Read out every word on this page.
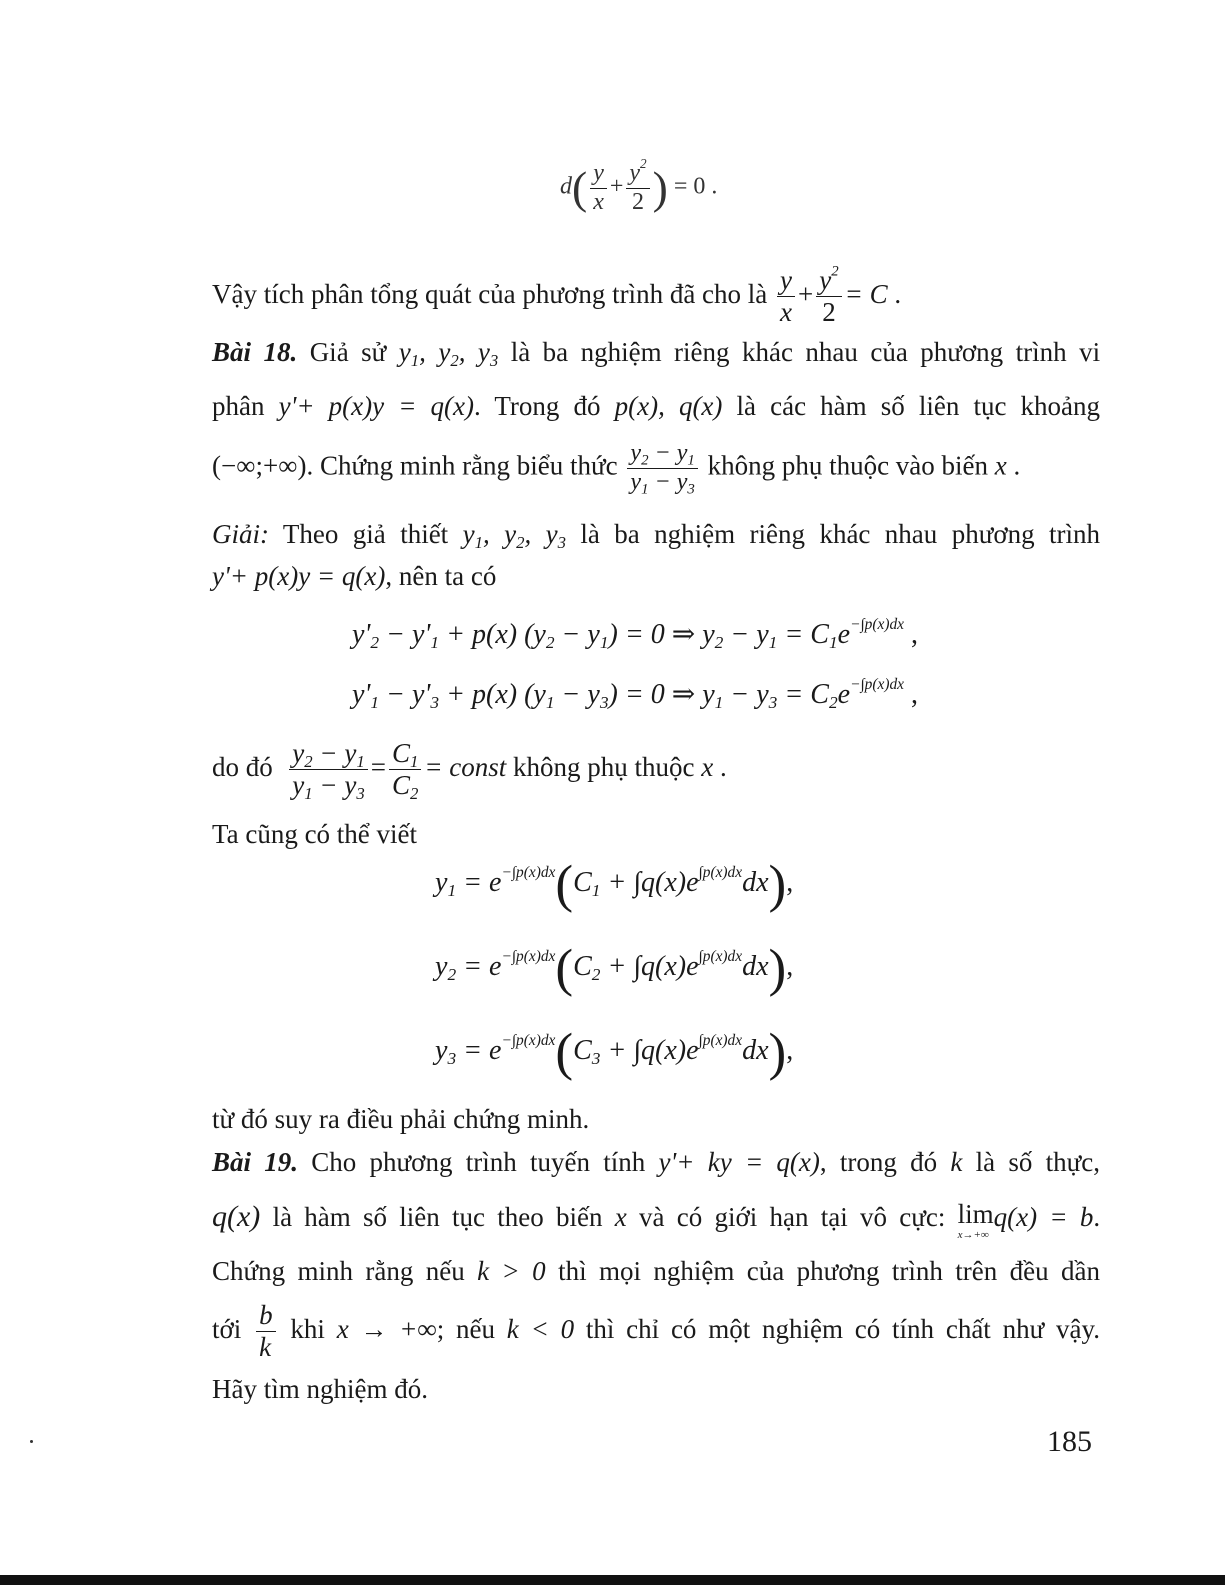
$d( \frac{y}{x} + \frac{y^2}{2}$ ) = 0 .
Vậy tích phân tổng quát của phương trình đã cho là $\frac{y}{x} + \frac{y^2}{2} = C$ .
Bài 18. Giả sử $y_1$, $y_2$, $y_3$ là ba nghiệm riêng khác nhau của phương trình vi
phân y'+ p(x)y = q(x). Trong đó p(x), q(x) là các hàm số liên tục khoảng
(−∞;+∞). Chứng minh rằng biểu thức $\frac{y_2 - y_1}{y_1 - y_3}$ không phụ thuộc vào biến x .
Giải: Theo giả thiết $y_1$, $y_2$, $y_3$ là ba nghiệm riêng khác nhau phương trình
y'+ p(x)y = q(x), nên ta có
$y'_2 - y'_1 + p(x) (y_2 - y_1) = 0$ ⇒ $y_2 - y_1 = C_1e^{-\int p(x)dx}$ ,
$y'_1 - y'_3 + p(x) (y_1 - y_3) = 0$ ⇒ $y_1 - y_3 = C_2e^{-\int p(x)dx}$ ,
do đó $\frac{y_2 - y_1}{y_1 - y_3} = \frac{C_1}{C_2}$ = const không phụ thuộc x .
Ta cũng có thể viết
$y_1 = e^{-\int p(x)dx}(C_1 + \int q(x)e^{\int p(x)dx}dx)$,
$y_2 = e^{-\int p(x)dx}(C_2 + \int q(x)e^{\int p(x)dx}dx)$,
$y_3 = e^{-\int p(x)dx}(C_3 + \int q(x)e^{\int p(x)dx}dx)$,
từ đó suy ra điều phải chứng minh.
Bài 19. Cho phương trình tuyến tính y'+ ky = q(x), trong đó k là số thực,
q(x) là hàm số liên tục theo biến x và có giới hạn tại vô cực: lim
x→+∞
q(x) = b.
Chứng minh rằng nếu k > 0 thì mọi nghiệm của phương trình trên đều dần
tới $\frac{b}{k}$ khi x → +∞; nếu k < 0 thì chỉ có một nghiệm có tính chất như vậy.
Hãy tìm nghiệm đó.
185
